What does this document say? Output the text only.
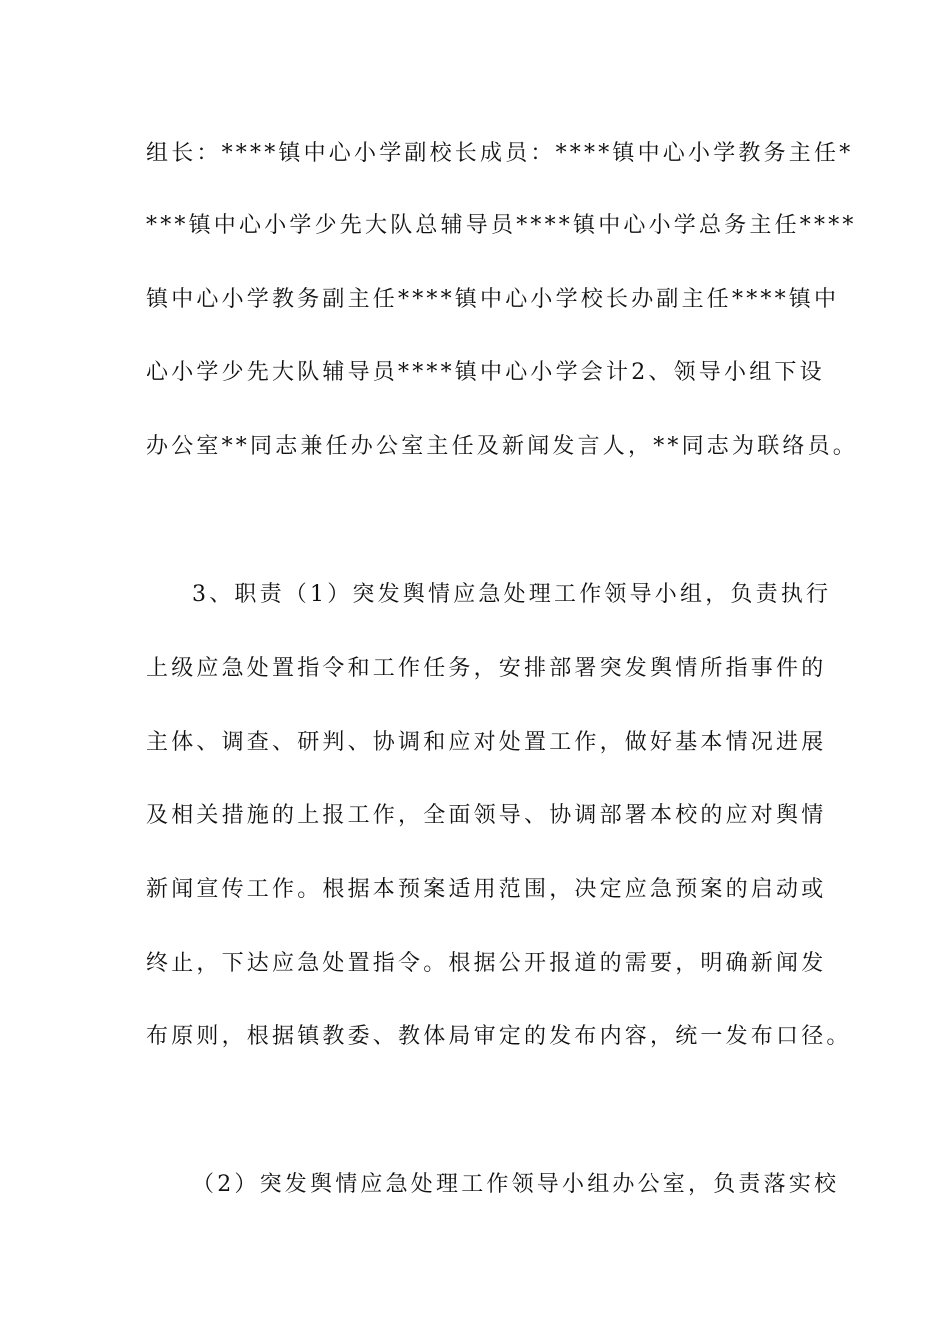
组长：****镇中心小学副校长成员：****镇中心小学教务主任*
***镇中心小学少先大队总辅导员****镇中心小学总务主任****
镇中心小学教务副主任****镇中心小学校长办副主任****镇中
心小学少先大队辅导员****镇中心小学会计2、领导小组下设
办公室**同志兼任办公室主任及新闻发言人，**同志为联络员。
3、职责（1）突发舆情应急处理工作领导小组，负责执行
上级应急处置指令和工作任务，安排部署突发舆情所指事件的
主体、调查、研判、协调和应对处置工作，做好基本情况进展
及相关措施的上报工作，全面领导、协调部署本校的应对舆情
新闻宣传工作。根据本预案适用范围，决定应急预案的启动或
终止，下达应急处置指令。根据公开报道的需要，明确新闻发
布原则，根据镇教委、教体局审定的发布内容，统一发布口径。
（2）突发舆情应急处理工作领导小组办公室，负责落实校
